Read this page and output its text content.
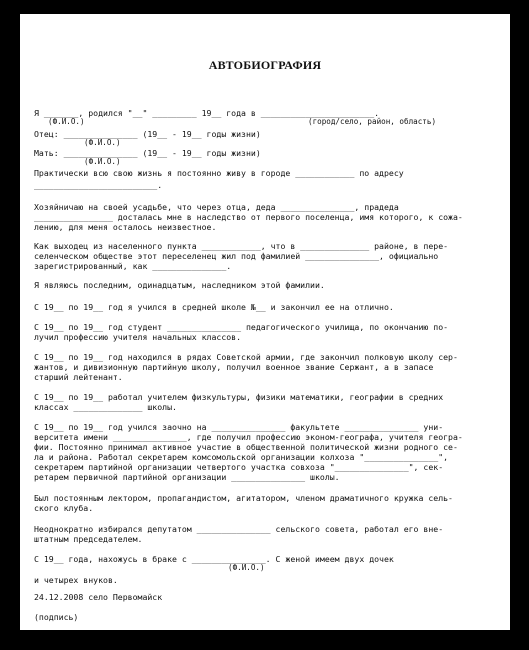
АВТОБИОГРАФИЯ
Я _______, родился "__" _________ 19__ года в _______________________.
(Ф.И.О.)	(город/село, район, область)
Отец: _______________ (19__ - 19__ годы жизни)
(Ф.И.О.)
Мать: _______________ (19__ - 19__ годы жизни)
(Ф.И.О.)
Практически всю свою жизнь я постоянно живу в городе ____________ по адресу
_________________________.
Хозяйничаю на своей усадьбе, что через отца, деда _______________, прадеда
________________ досталась мне в наследство от первого поселенца, имя которого, к сожа-
лению, для меня осталось неизвестное.
Как выходец из населенного пункта ____________, что в ______________ районе, в пере-
селенческом обществе этот переселенец жил под фамилией _______________, официально
зарегистрированный, как _______________.
Я являюсь последним, одинадцатым, наследником этой фамилии.
С 19__ по 19__ год я учился в средней школе №__ и закончил ее на отлично.
С 19__ по 19__ год студент _______________ педагогического училища, по окончанию по-
лучил профессию учителя начальных классов.
С 19__ по 19__ год находился в рядах Советской армии, где закончил полковую школу сер-
жантов, и дивизионную партийную школу, получил военное звание Сержант, а в запасе
старший лейтенант.
С 19__ по 19__ работал учителем физкультуры, физики математики, географии в средних
классах ______________ школы.
С 19__ по 19__ год учился заочно на _______________ факультете _______________ уни-
верситета имени _______________, где получил профессию эконом-географа, учителя геогра-
фии. Постоянно принимал активное участие в общественной политической жизни родного се-
ла и района. Работал секретарем комсомольской организации колхоза "_______________",
секретарем партийной организации четвертого участка совхоза "_______________", сек-
ретарем первичной партийной организации _______________ школы.
Был постоянным лектором, пропагандистом, агитатором, членом драматичного кружка сель-
ского клуба.
Неоднократно избирался депутатом _______________ сельского совета, работал его вне-
штатным председателем.
С 19__ года, нахожусь в браке с _______________. С женой имеем двух дочек
(Ф.И.О.)
и четырех внуков.
24.12.2008 село Первомайск
(подпись)
